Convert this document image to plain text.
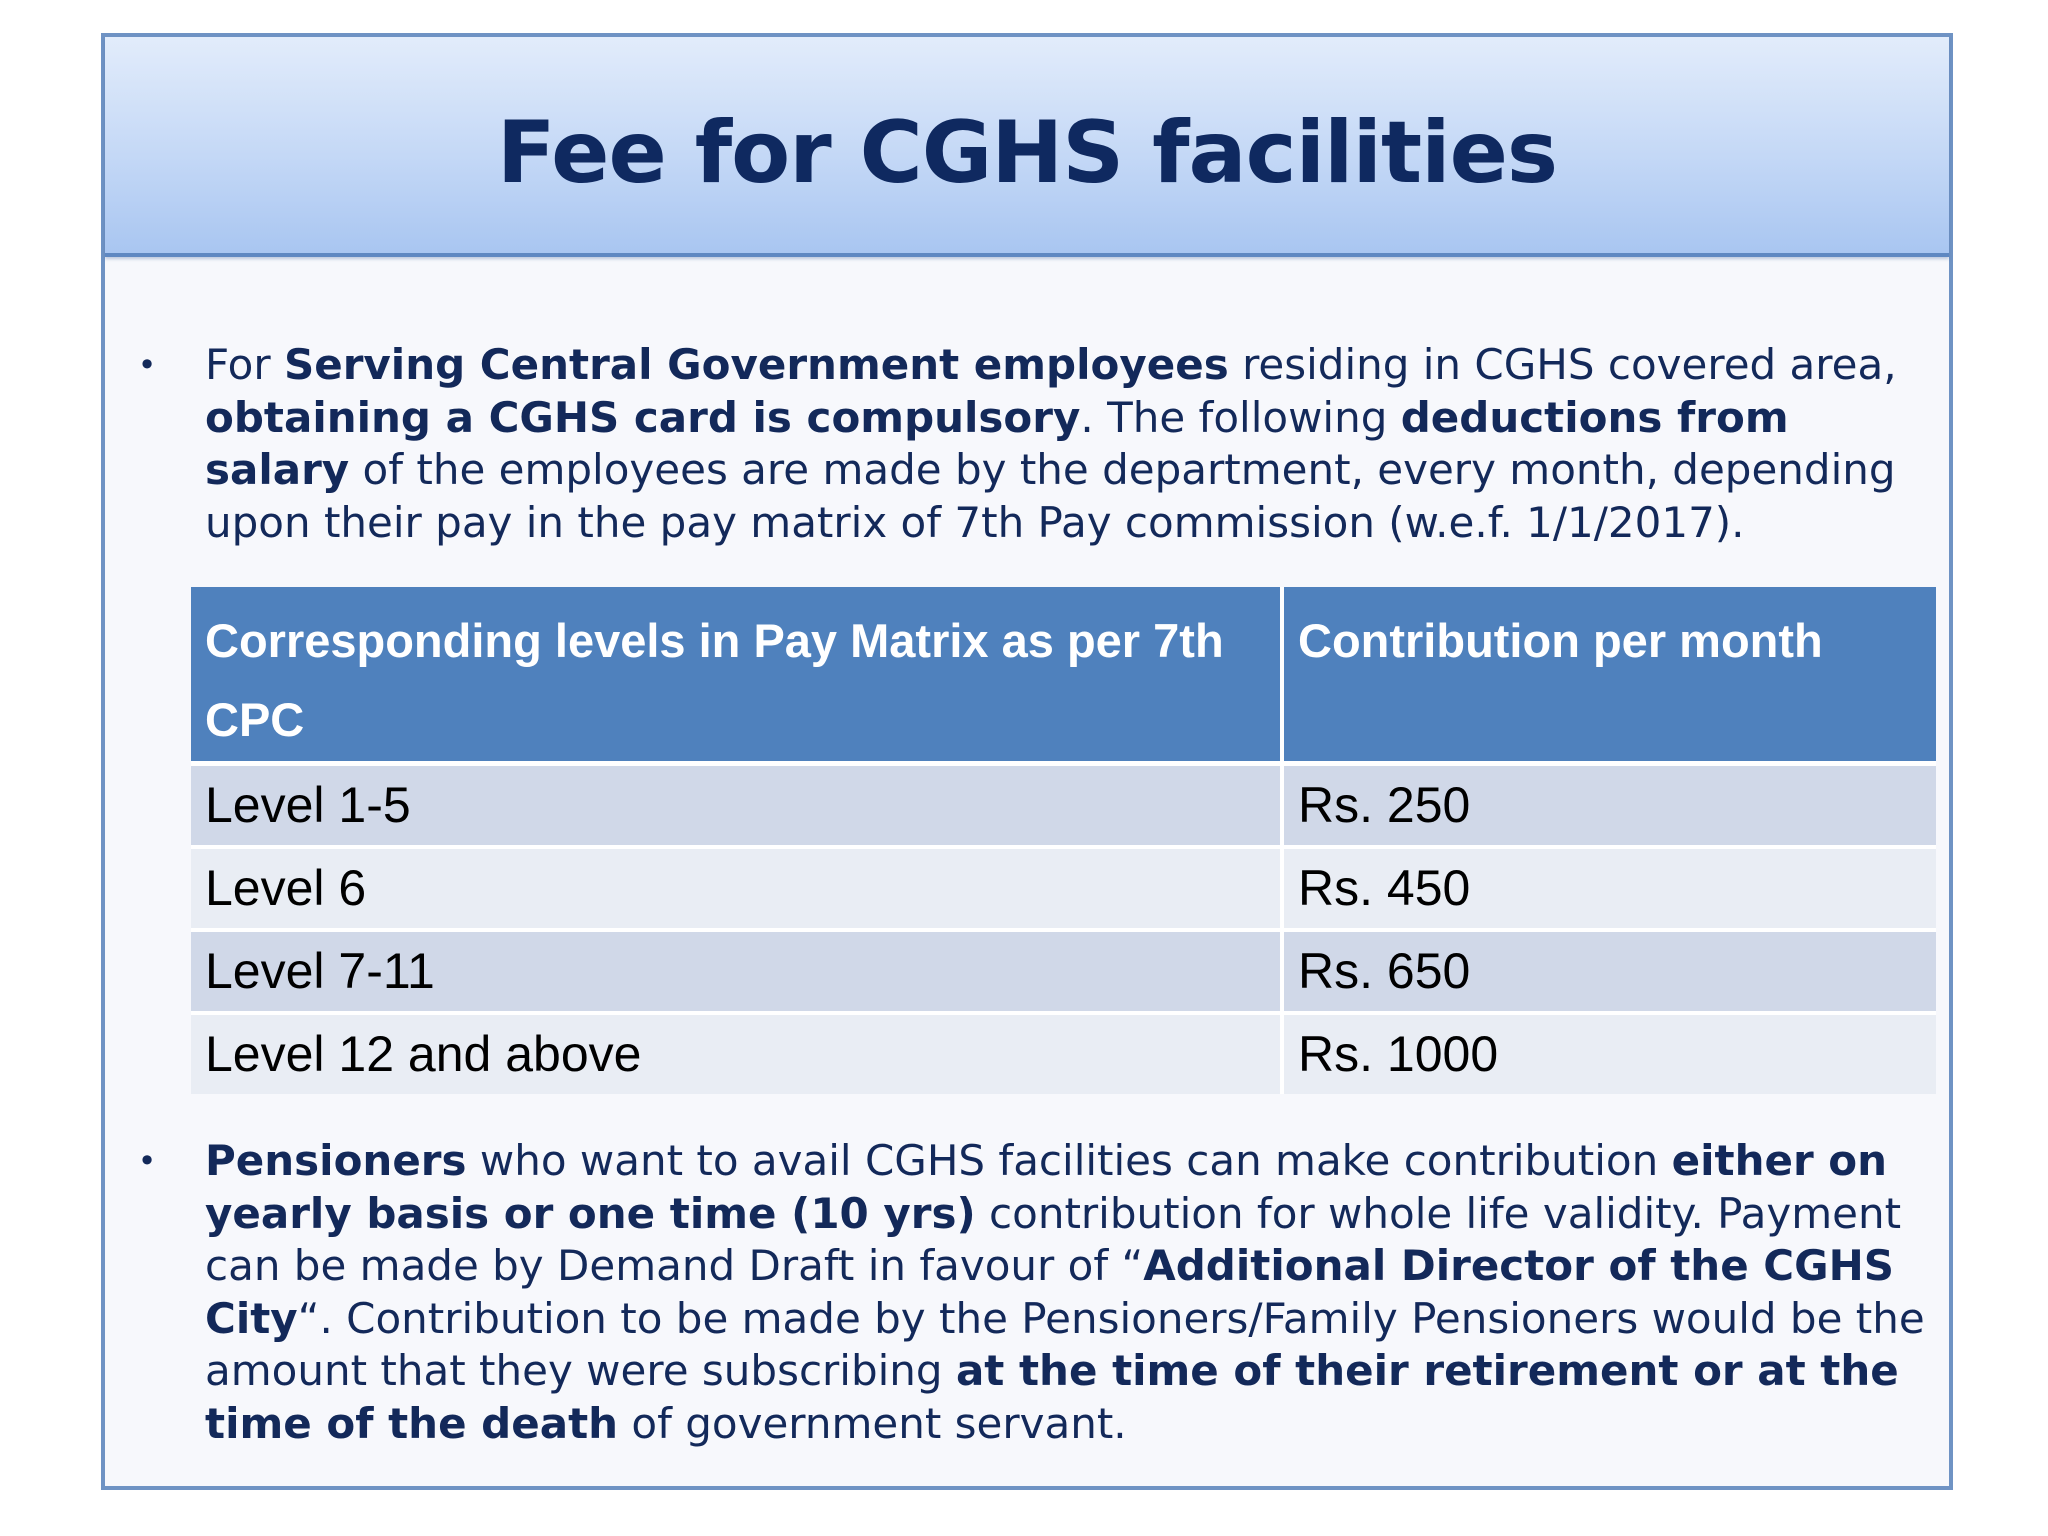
Fee for CGHS facilities
• For Serving Central Government employees residing in CGHS covered area, obtaining a CGHS card is compulsory. The following deductions from salary of the employees are made by the department, every month, depending upon their pay in the pay matrix of 7th Pay commission (w.e.f. 1/1/2017).
Corresponding levels in Pay Matrix as per 7th CPC	Contribution per month
Level 1-5	Rs. 250
Level 6	Rs. 450
Level 7-11	Rs. 650
Level 12 and above	Rs. 1000
• Pensioners who want to avail CGHS facilities can make contribution either on yearly basis or one time (10 yrs) contribution for whole life validity. Payment can be made by Demand Draft in favour of “Additional Director of the CGHS City“. Contribution to be made by the Pensioners/Family Pensioners would be the amount that they were subscribing at the time of their retirement or at the time of the death of government servant.
